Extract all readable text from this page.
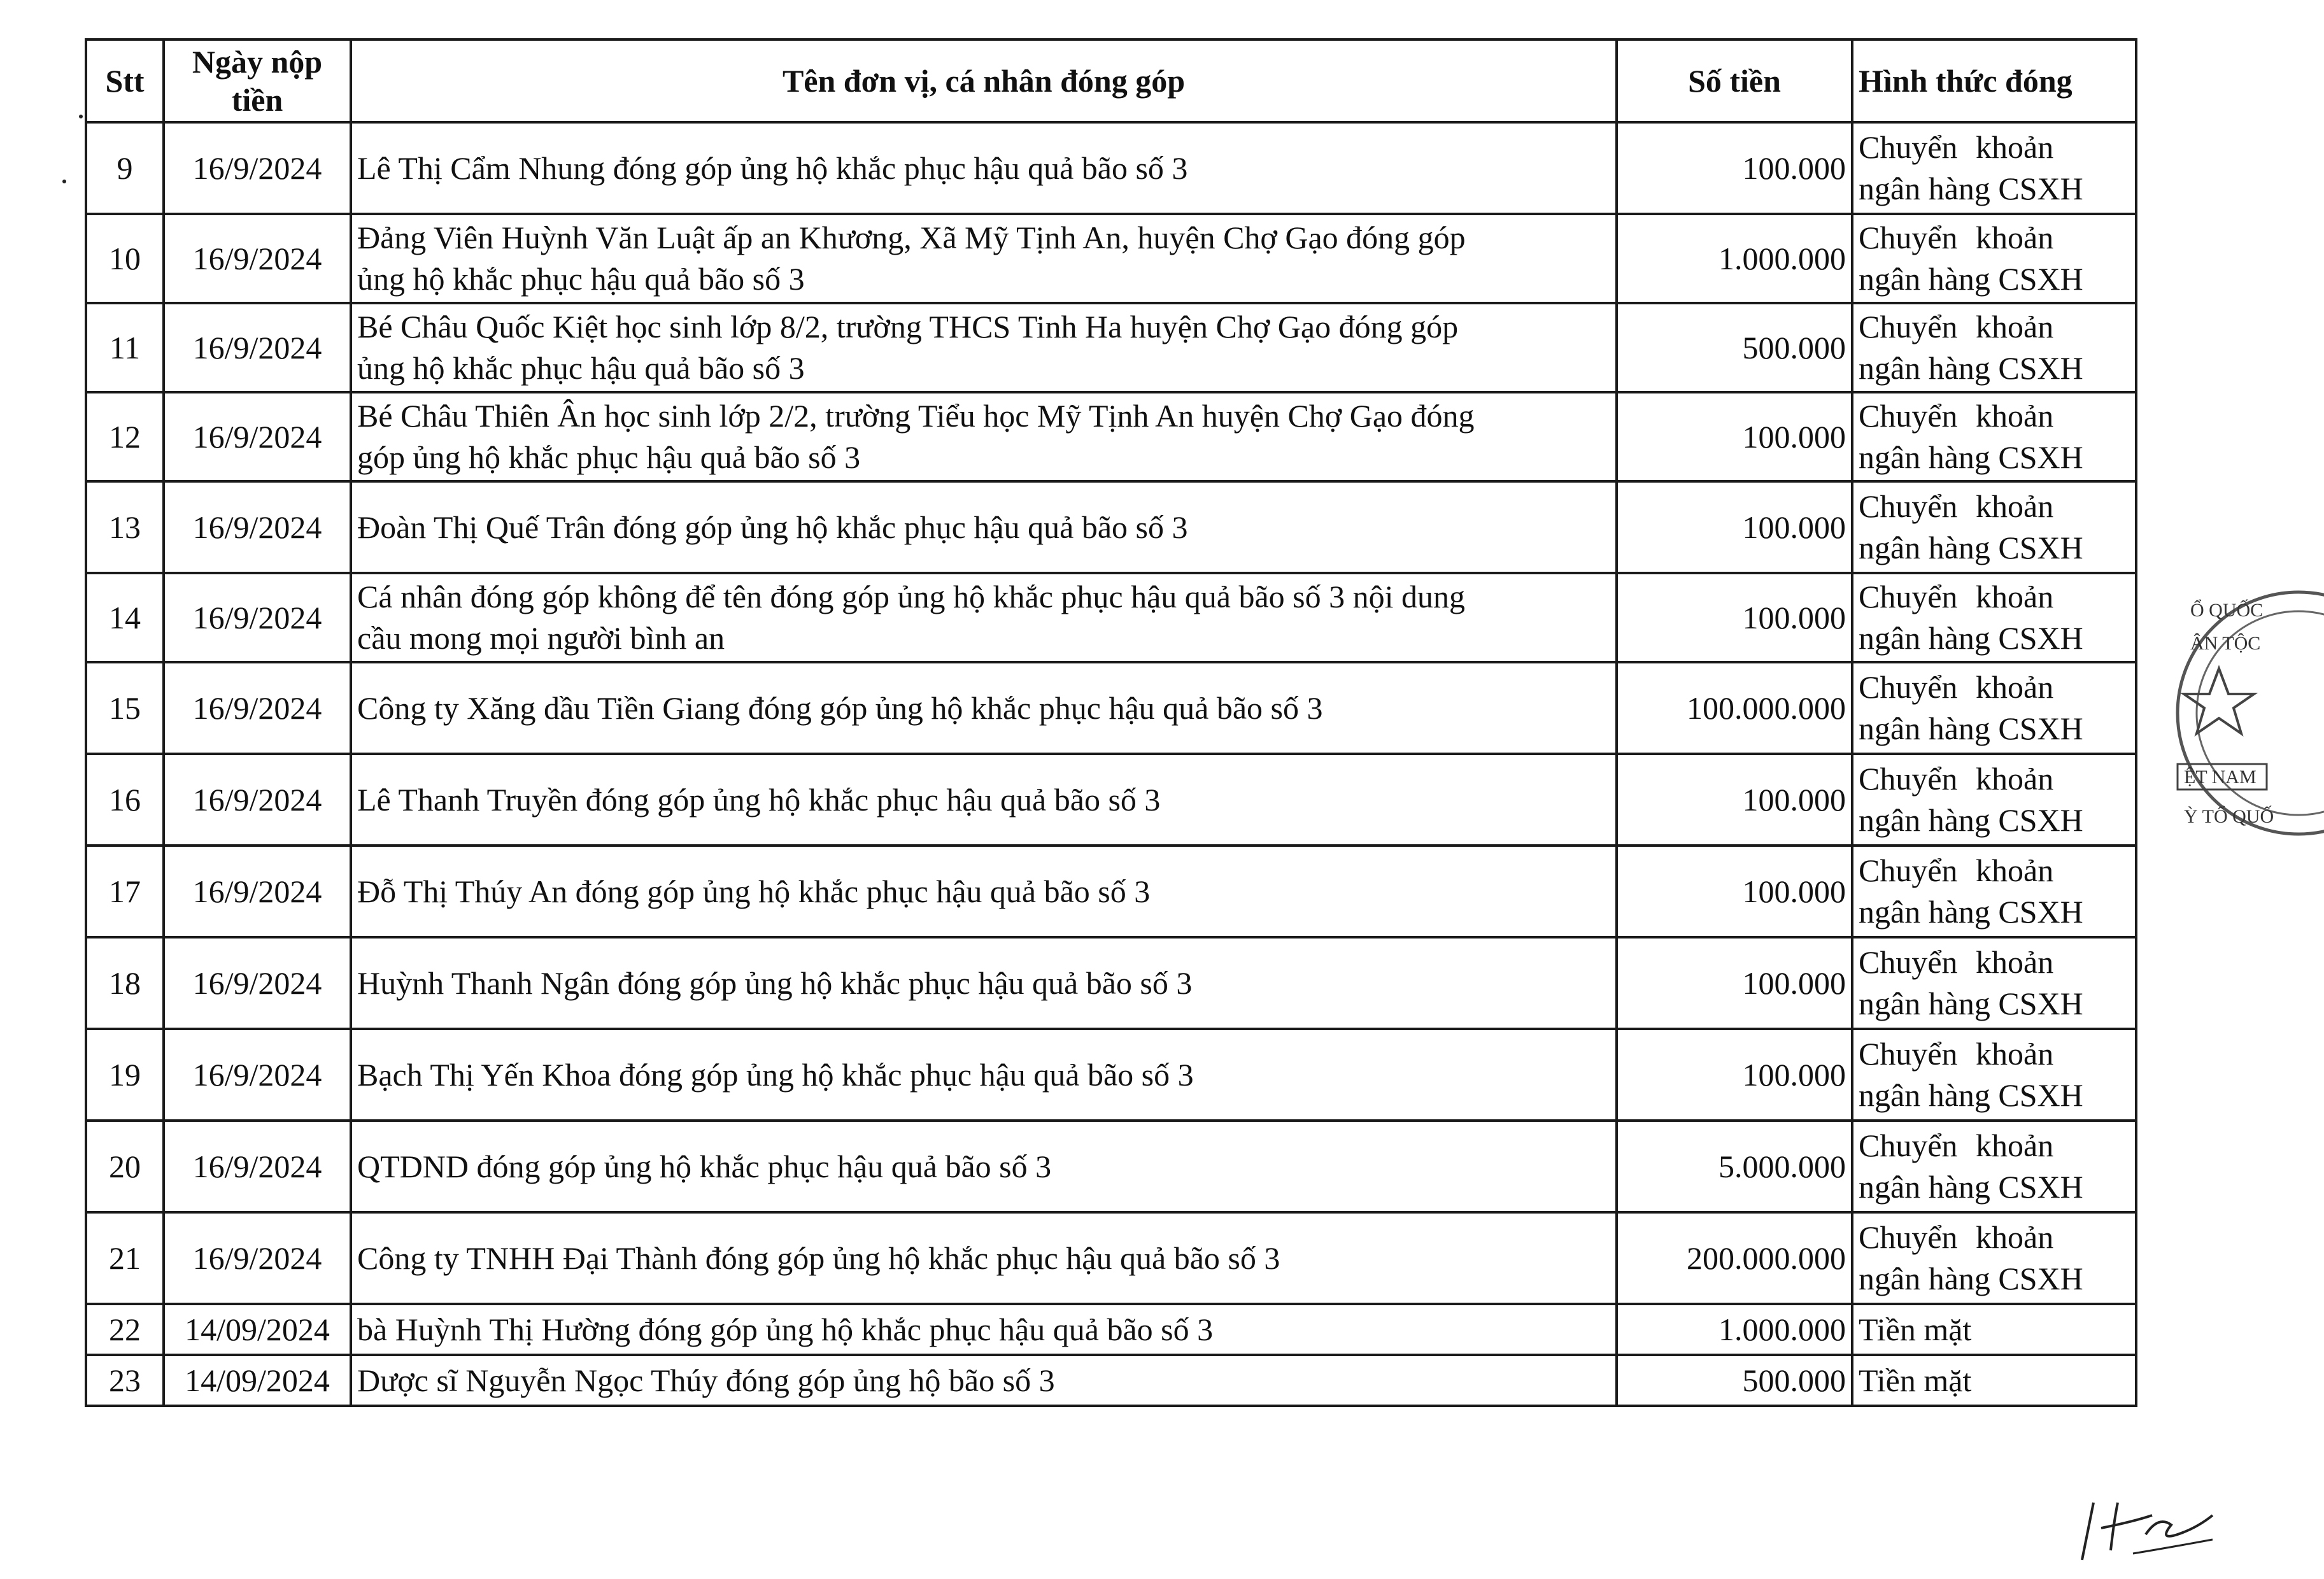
Stt	Ngày nộp tiền	Tên đơn vị, cá nhân đóng góp	Số tiền	Hình thức đóng
9	16/9/2024	Lê Thị Cẩm Nhung đóng góp ủng hộ khắc phục hậu quả bão số 3	100.000	Chuyển khoản
ngân hàng CSXH

10	16/9/2024	Đảng Viên Huỳnh Văn Luật ấp an Khương, Xã Mỹ Tịnh An, huyện Chợ Gạo đóng góp
ủng hộ khắc phục hậu quả bão số 3	1.000.000	Chuyển khoản
ngân hàng CSXH

11	16/9/2024	Bé Châu Quốc Kiệt học sinh lớp 8/2, trường THCS Tinh Ha huyện Chợ Gạo đóng góp
ủng hộ khắc phục hậu quả bão số 3	500.000	Chuyển khoản
ngân hàng CSXH

12	16/9/2024	Bé Châu Thiên Ân học sinh lớp 2/2, trường Tiểu học Mỹ Tịnh An huyện Chợ Gạo đóng
góp ủng hộ khắc phục hậu quả bão số 3	100.000	Chuyển khoản
ngân hàng CSXH

13	16/9/2024	Đoàn Thị Quế Trân đóng góp ủng hộ khắc phục hậu quả bão số 3	100.000	Chuyển khoản
ngân hàng CSXH

14	16/9/2024	Cá nhân đóng góp không để tên đóng góp ủng hộ khắc phục hậu quả bão số 3 nội dung
cầu mong mọi người bình an	100.000	Chuyển khoản
ngân hàng CSXH

15	16/9/2024	Công ty Xăng dầu Tiền Giang đóng góp ủng hộ khắc phục hậu quả bão số 3	100.000.000	Chuyển khoản
ngân hàng CSXH

16	16/9/2024	Lê Thanh Truyền đóng góp ủng hộ khắc phục hậu quả bão số 3	100.000	Chuyển khoản
ngân hàng CSXH

17	16/9/2024	Đỗ Thị Thúy An đóng góp ủng hộ khắc phục hậu quả bão số 3	100.000	Chuyển khoản
ngân hàng CSXH

18	16/9/2024	Huỳnh Thanh Ngân đóng góp ủng hộ khắc phục hậu quả bão số 3	100.000	Chuyển khoản
ngân hàng CSXH

19	16/9/2024	Bạch Thị Yến Khoa đóng góp ủng hộ khắc phục hậu quả bão số 3	100.000	Chuyển khoản
ngân hàng CSXH

20	16/9/2024	QTDND đóng góp ủng hộ khắc phục hậu quả bão số 3	5.000.000	Chuyển khoản
ngân hàng CSXH

21	16/9/2024	Công ty TNHH Đại Thành đóng góp ủng hộ khắc phục hậu quả bão số 3	200.000.000	Chuyển khoản
ngân hàng CSXH

22	14/09/2024	bà Huỳnh Thị Hường đóng góp ủng hộ khắc phục hậu quả bão số 3	1.000.000	Tiền mặt

23	14/09/2024	Dược sĩ Nguyễn Ngọc Thúy đóng góp ủng hộ bão số 3	500.000	Tiền mặt
Ổ QUỐC
ÂN TỘC
ỆT NAM
Ỳ TỔ QUỐ
